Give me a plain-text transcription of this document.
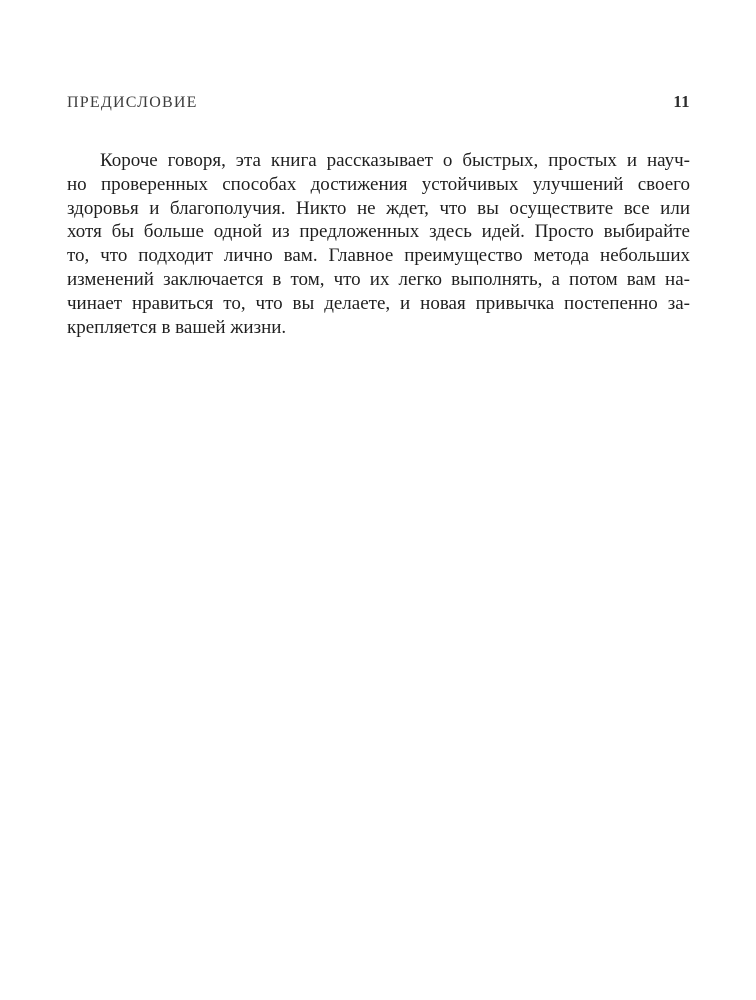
ПРЕДИСЛОВИЕ	11
Короче говоря, эта книга рассказывает о быстрых, простых и науч-
но проверенных способах достижения устойчивых улучшений своего
здоровья и благополучия. Никто не ждет, что вы осуществите все или
хотя бы больше одной из предложенных здесь идей. Просто выбирайте
то, что подходит лично вам. Главное преимущество метода небольших
изменений заключается в том, что их легко выполнять, а потом вам на-
чинает нравиться то, что вы делаете, и новая привычка постепенно за-
крепляется в вашей жизни.
